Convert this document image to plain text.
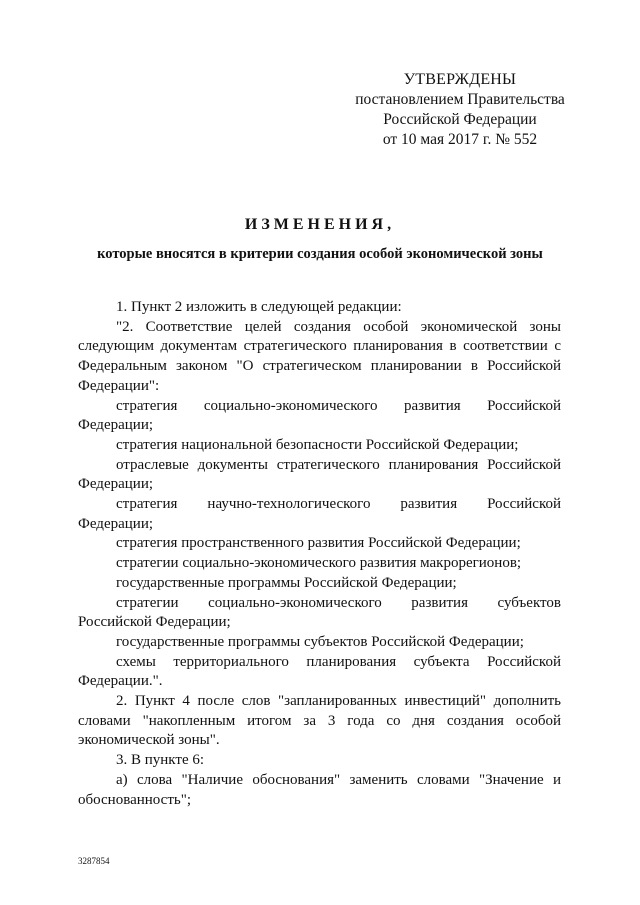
УТВЕРЖДЕНЫ
постановлением Правительства
Российской Федерации
от 10 мая 2017 г. № 552
ИЗМЕНЕНИЯ,
которые вносятся в критерии создания особой экономической зоны

1. Пункт 2 изложить в следующей редакции:

"2. Соответствие целей создания особой экономической зоны следующим документам стратегического планирования в соответствии с Федеральным законом "О стратегическом планировании в Российской Федерации":

стратегия социально-экономического развития Российской Федерации;

стратегия национальной безопасности Российской Федерации;

отраслевые документы стратегического планирования Российской Федерации;

стратегия научно-технологического развития Российской Федерации;

стратегия пространственного развития Российской Федерации;

стратегии социально-экономического развития макрорегионов;

государственные программы Российской Федерации;

стратегии социально-экономического развития субъектов Российской Федерации;

государственные программы субъектов Российской Федерации;

схемы территориального планирования субъекта Российской Федерации.".

2. Пункт 4 после слов "запланированных инвестиций" дополнить словами "накопленным итогом за 3 года со дня создания особой экономической зоны".

3. В пункте 6:

а) слова "Наличие обоснования" заменить словами "Значение и обоснованность";

3287854
